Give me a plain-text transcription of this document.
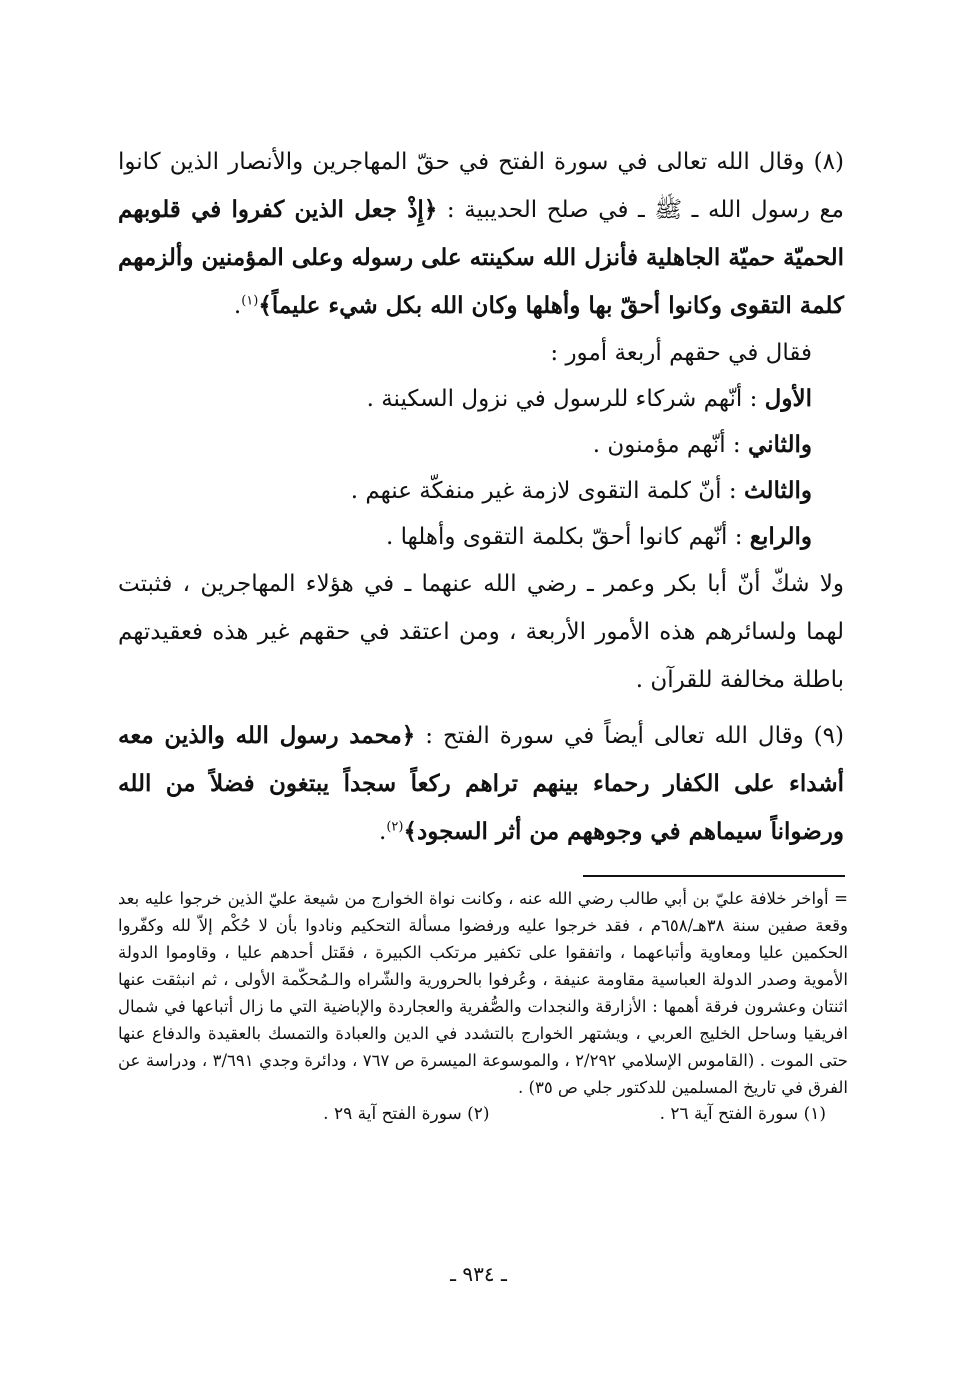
(٨) وقال الله تعالى في سورة الفتح في حقّ المهاجرين والأنصار الذين كانوا مع رسول الله ـ ﷺ ـ في صلح الحديبية : ﴿إِذْ جعل الذين كفروا في قلوبهم الحميّة حميّة الجاهلية فأنزل الله سكينته على رسوله وعلى المؤمنين وألزمهم كلمة التقوى وكانوا أحقّ بها وأهلها وكان الله بكل شيء عليماً﴾$^{(١)}$.

فقال في حقهم أربعة أمور :

الأول : أنّهم شركاء للرسول في نزول السكينة .

والثاني : أنّهم مؤمنون .

والثالث : أنّ كلمة التقوى لازمة غير منفكّة عنهم .

والرابع : أنّهم كانوا أحقّ بكلمة التقوى وأهلها .

ولا شكّ أنّ أبا بكر وعمر ـ رضي الله عنهما ـ في هؤلاء المهاجرين ، فثبتت لهما ولسائرهم هذه الأمور الأربعة ، ومن اعتقد في حقهم غير هذه فعقيدتهم باطلة مخالفة للقرآن .

(٩) وقال الله تعالى أيضاً في سورة الفتح : ﴿محمد رسول الله والذين معه أشداء على الكفار رحماء بينهم تراهم ركعاً سجداً يبتغون فضلاً من الله ورضواناً سيماهم في وجوههم من أثر السجود﴾$^{(٢)}$.

= أواخر خلافة عليّ بن أبي طالب رضي الله عنه ، وكانت نواة الخوارج من شيعة عليّ الذين خرجوا عليه بعد وقعة صفين سنة ٣٨هـ/٦٥٨م ، فقد خرجوا عليه ورفضوا مسألة التحكيم ونادوا بأن لا حُكْم إلاّ لله وكفّروا الحكمين عليا ومعاوية وأتباعهما ، واتفقوا على تكفير مرتكب الكبيرة ، فقَتل أحدهم عليا ، وقاوموا الدولة الأموية وصدر الدولة العباسية مقاومة عنيفة ، وعُرفوا بالحرورية والشّراه والـمُحكّمة الأولى ، ثم انبثقت عنها اثنتان وعشرون فرقة أهمها : الأزارقة والنجدات والصُّفرية والعجاردة والإباضية التي ما زال أتباعها في شمال افريقيا وساحل الخليج العربي ، ويشتهر الخوارج بالتشدد في الدين والعبادة والتمسك بالعقيدة والدفاع عنها حتى الموت . (القاموس الإسلامي ٢/٢٩٢ ، والموسوعة الميسرة ص ٧٦٧ ، ودائرة وجدي ٣/٦٩١ ، ودراسة عن الفرق في تاريخ المسلمين للدكتور جلي ص ٣٥) .

(١) سورة الفتح آية ٢٦ .
(٢) سورة الفتح آية ٢٩ .
ـ ٩٣٤ ـ
